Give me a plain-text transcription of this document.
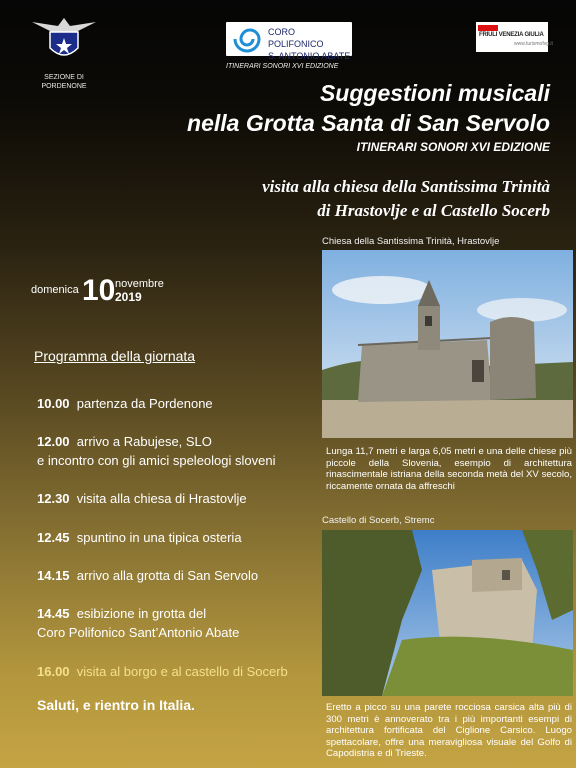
SEZIONE DI PORDENONE
CORO POLIFONICO
S. ANTONIO ABATE
ITINERARI SONORI XVI EDIZIONE
FRIULI VENEZIA GIULIA
www.turismofvg.it
Suggestioni musicali
nella Grotta Santa di San Servolo
ITINERARI SONORI XVI EDIZIONE
visita alla chiesa della Santissima Trinità
di Hrastovlje e al Castello Socerb
domenica 10 novembre
2019
Programma della giornata
10.00 partenza da Pordenone
12.00 arrivo a Rabujese, SLO
e incontro con gli amici speleologi sloveni
12.30 visita alla chiesa di Hrastovlje
12.45 spuntino in una tipica osteria
14.15 arrivo alla grotta di San Servolo
14.45 esibizione in grotta del
Coro Polifonico Sant’Antonio Abate
16.00 visita al borgo e al castello di Socerb
Saluti, e rientro in Italia.
Chiesa della Santissima Trinità, Hrastovlje
Lunga 11,7 metri e larga 6,05 metri e una delle chiese più piccole della Slovenia, esempio di architettura rinascimentale istriana della seconda metà del XV secolo, riccamente ornata da affreschi
Castello di Socerb, Stremc
Eretto a picco su una parete rocciosa carsica alta più di 300 metri è annoverato tra i più importanti esempi di architettura fortificata del Ciglione Carsico. Luogo spettacolare, offre una meravigliosa visuale del Golfo di Capodistria e di Trieste.
